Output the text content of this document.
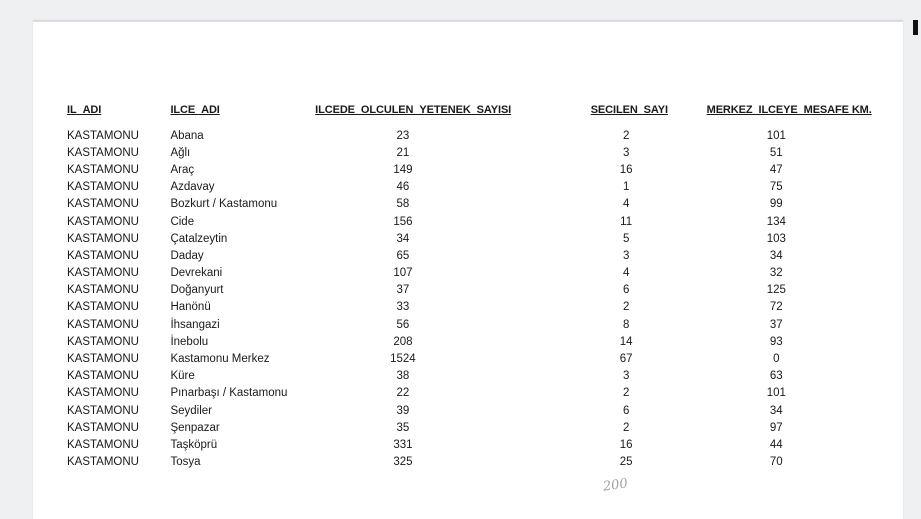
IL_ADI	ILCE_ADI	ILCEDE_OLCULEN_YETENEK_SAYISI	SECILEN_SAYI	MERKEZ_ILCEYE_MESAFE KM.
KASTAMONU	Abana	23	2	101
KASTAMONU	Ağlı	21	3	51
KASTAMONU	Araç	149	16	47
KASTAMONU	Azdavay	46	1	75
KASTAMONU	Bozkurt / Kastamonu	58	4	99
KASTAMONU	Cide	156	11	134
KASTAMONU	Çatalzeytin	34	5	103
KASTAMONU	Daday	65	3	34
KASTAMONU	Devrekani	107	4	32
KASTAMONU	Doğanyurt	37	6	125
KASTAMONU	Hanönü	33	2	72
KASTAMONU	İhsangazi	56	8	37
KASTAMONU	İnebolu	208	14	93
KASTAMONU	Kastamonu Merkez	1524	67	0
KASTAMONU	Küre	38	3	63
KASTAMONU	Pınarbaşı / Kastamonu	22	2	101
KASTAMONU	Seydiler	39	6	34
KASTAMONU	Şenpazar	35	2	97
KASTAMONU	Taşköprü	331	16	44
KASTAMONU	Tosya	325	25	70
200
